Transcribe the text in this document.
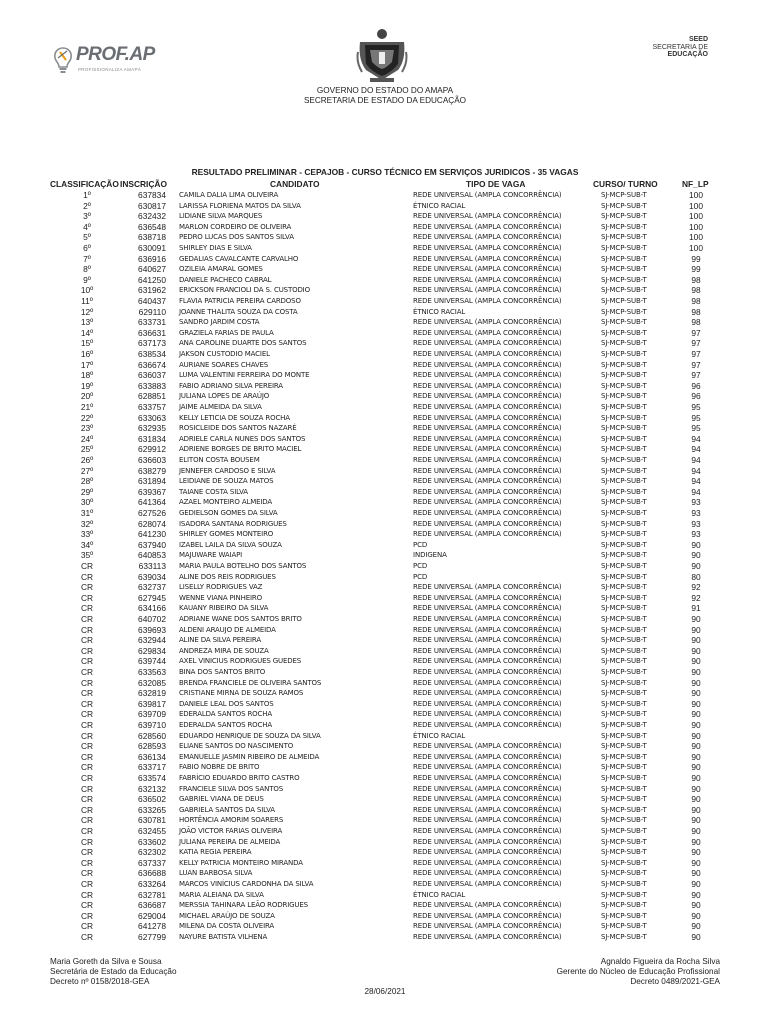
PROF.AP
PROFISSIONALIZA AMAPÁ
SEED
SECRETARIA DE
EDUCAÇÃO
GOVERNO DO ESTADO DO AMAPA
SECRETARIA DE ESTADO DA EDUCAÇÃO
RESULTADO PRELIMINAR - CEPAJOB - CURSO TÉCNICO EM SERVIÇOS JURIDICOS - 35 VAGAS
CLASSIFICAÇÃO INSCRIÇÃO	CANDIDATO	TIPO DE VAGA	CURSO/ TURNO	NF_LP
1º	637834 CAMILA DALIA LIMA OLIVEIRA	REDE UNIVERSAL (AMPLA CONCORRÊNCIA)	SJ-MCP-SUB-T	100
2º	630817 LARISSA FLORIENA MATOS DA SILVA	ÉTNICO RACIAL	SJ-MCP-SUB-T	100
3º	632432 LIDIANE SILVA MARQUES	REDE UNIVERSAL (AMPLA CONCORRÊNCIA)	SJ-MCP-SUB-T	100
4º	636548 MARLON CORDEIRO DE OLIVEIRA	REDE UNIVERSAL (AMPLA CONCORRÊNCIA)	SJ-MCP-SUB-T	100
5º	638718 PEDRO LUCAS DOS SANTOS SILVA	REDE UNIVERSAL (AMPLA CONCORRÊNCIA)	SJ-MCP-SUB-T	100
6º	630091 SHIRLEY DIAS E SILVA	REDE UNIVERSAL (AMPLA CONCORRÊNCIA)	SJ-MCP-SUB-T	100
7º	636916 GEDALIAS CAVALCANTE CARVALHO	REDE UNIVERSAL (AMPLA CONCORRÊNCIA)	SJ-MCP-SUB-T	99
8º	640627 OZILEIA AMARAL GOMES	REDE UNIVERSAL (AMPLA CONCORRÊNCIA)	SJ-MCP-SUB-T	99
9º	641250 DANIELE PACHECO CABRAL	REDE UNIVERSAL (AMPLA CONCORRÊNCIA)	SJ-MCP-SUB-T	98
10º	631962 ERICKSON FRANCIOLI DA S. CUSTODIO	REDE UNIVERSAL (AMPLA CONCORRÊNCIA)	SJ-MCP-SUB-T	98
11º	640437 FLAVIA PATRICIA PEREIRA CARDOSO	REDE UNIVERSAL (AMPLA CONCORRÊNCIA)	SJ-MCP-SUB-T	98
12º	629110 JOANNE THALITA SOUZA DA COSTA	ÉTNICO RACIAL	SJ-MCP-SUB-T	98
13º	633731 SANDRO JARDIM COSTA	REDE UNIVERSAL (AMPLA CONCORRÊNCIA)	SJ-MCP-SUB-T	98
14º	636631 GRAZIELA FARIAS DE PAULA	REDE UNIVERSAL (AMPLA CONCORRÊNCIA)	SJ-MCP-SUB-T	97
15º	637173 ANA CAROLINE DUARTE DOS SANTOS	REDE UNIVERSAL (AMPLA CONCORRÊNCIA)	SJ-MCP-SUB-T	97
16º	638534 JAKSON CUSTODIO MACIEL	REDE UNIVERSAL (AMPLA CONCORRÊNCIA)	SJ-MCP-SUB-T	97
17º	636674 AURIANE SOARES CHAVES	REDE UNIVERSAL (AMPLA CONCORRÊNCIA)	SJ-MCP-SUB-T	97
18º	636037 LUMA VALENTINI FERREIRA DO MONTE	REDE UNIVERSAL (AMPLA CONCORRÊNCIA)	SJ-MCP-SUB-T	97
19º	633883 FABIO ADRIANO SILVA PEREIRA	REDE UNIVERSAL (AMPLA CONCORRÊNCIA)	SJ-MCP-SUB-T	96
20º	628851 JULIANA LOPES DE ARAÚJO	REDE UNIVERSAL (AMPLA CONCORRÊNCIA)	SJ-MCP-SUB-T	96
21º	633757 JAIME ALMEIDA DA SILVA	REDE UNIVERSAL (AMPLA CONCORRÊNCIA)	SJ-MCP-SUB-T	95
22º	633063 KELLY LETICIA DE SOUZA ROCHA	REDE UNIVERSAL (AMPLA CONCORRÊNCIA)	SJ-MCP-SUB-T	95
23º	632935 ROSICLEIDE DOS SANTOS NAZARÉ	REDE UNIVERSAL (AMPLA CONCORRÊNCIA)	SJ-MCP-SUB-T	95
24º	631834 ADRIELE CARLA NUNES DOS SANTOS	REDE UNIVERSAL (AMPLA CONCORRÊNCIA)	SJ-MCP-SUB-T	94
25º	629912 ADRIENE BORGES DE BRITO MACIEL	REDE UNIVERSAL (AMPLA CONCORRÊNCIA)	SJ-MCP-SUB-T	94
26º	636603 ELITON COSTA BOUSEM	REDE UNIVERSAL (AMPLA CONCORRÊNCIA)	SJ-MCP-SUB-T	94
27º	638279 JENNEFER CARDOSO E SILVA	REDE UNIVERSAL (AMPLA CONCORRÊNCIA)	SJ-MCP-SUB-T	94
28º	631894 LEIDIANE DE SOUZA MATOS	REDE UNIVERSAL (AMPLA CONCORRÊNCIA)	SJ-MCP-SUB-T	94
29º	639367 TAIANE COSTA SILVA	REDE UNIVERSAL (AMPLA CONCORRÊNCIA)	SJ-MCP-SUB-T	94
30º	641364 AZAEL MONTEIRO ALMEIDA	REDE UNIVERSAL (AMPLA CONCORRÊNCIA)	SJ-MCP-SUB-T	93
31º	627526 GEDIELSON GOMES DA SILVA	REDE UNIVERSAL (AMPLA CONCORRÊNCIA)	SJ-MCP-SUB-T	93
32º	628074 ISADORA SANTANA RODRIGUES	REDE UNIVERSAL (AMPLA CONCORRÊNCIA)	SJ-MCP-SUB-T	93
33º	641230 SHIRLEY GOMES MONTEIRO	REDE UNIVERSAL (AMPLA CONCORRÊNCIA)	SJ-MCP-SUB-T	93
34º	637940 IZABEL LAILA DA SILVA SOUZA	PCD	SJ-MCP-SUB-T	90
35º	640853 MAJUWARE WAIAPI	INDIGENA	SJ-MCP-SUB-T	90
CR	633113 MARIA PAULA BOTELHO DOS SANTOS	PCD	SJ-MCP-SUB-T	90
CR	639034 ALINE DOS REIS RODRIGUES	PCD	SJ-MCP-SUB-T	80
CR	632737 LISELLY RODRIGUES VAZ	REDE UNIVERSAL (AMPLA CONCORRÊNCIA)	SJ-MCP-SUB-T	92
CR	627945 WENNE VIANA PINHEIRO	REDE UNIVERSAL (AMPLA CONCORRÊNCIA)	SJ-MCP-SUB-T	92
CR	634166 KAUANY RIBEIRO DA SILVA	REDE UNIVERSAL (AMPLA CONCORRÊNCIA)	SJ-MCP-SUB-T	91
CR	640702 ADRIANE WANE DOS SANTOS BRITO	REDE UNIVERSAL (AMPLA CONCORRÊNCIA)	SJ-MCP-SUB-T	90
CR	639693 ALDENI ARAUJO DE ALMEIDA	REDE UNIVERSAL (AMPLA CONCORRÊNCIA)	SJ-MCP-SUB-T	90
CR	632944 ALINE DA SILVA PEREIRA	REDE UNIVERSAL (AMPLA CONCORRÊNCIA)	SJ-MCP-SUB-T	90
CR	629834 ANDREZA MIRA DE SOUZA	REDE UNIVERSAL (AMPLA CONCORRÊNCIA)	SJ-MCP-SUB-T	90
CR	639744 AXEL VINICIUS RODRIGUES GUEDES	REDE UNIVERSAL (AMPLA CONCORRÊNCIA)	SJ-MCP-SUB-T	90
CR	633563 BINA DOS SANTOS BRITO	REDE UNIVERSAL (AMPLA CONCORRÊNCIA)	SJ-MCP-SUB-T	90
CR	632085 BRENDA FRANCIELE DE OLIVEIRA SANTOS	REDE UNIVERSAL (AMPLA CONCORRÊNCIA)	SJ-MCP-SUB-T	90
CR	632819 CRISTIANE MIRNA DE SOUZA RAMOS	REDE UNIVERSAL (AMPLA CONCORRÊNCIA)	SJ-MCP-SUB-T	90
CR	639817 DANIELE LEAL DOS SANTOS	REDE UNIVERSAL (AMPLA CONCORRÊNCIA)	SJ-MCP-SUB-T	90
CR	639709 EDERALDA SANTOS ROCHA	REDE UNIVERSAL (AMPLA CONCORRÊNCIA)	SJ-MCP-SUB-T	90
CR	639710 EDERALDA SANTOS ROCHA	REDE UNIVERSAL (AMPLA CONCORRÊNCIA)	SJ-MCP-SUB-T	90
CR	628560 EDUARDO HENRIQUE DE SOUZA DA SILVA	ÉTNICO RACIAL	SJ-MCP-SUB-T	90
CR	628593 ELIANE SANTOS DO NASCIMENTO	REDE UNIVERSAL (AMPLA CONCORRÊNCIA)	SJ-MCP-SUB-T	90
CR	636134 EMANUELLE JASMIN RIBEIRO DE ALMEIDA	REDE UNIVERSAL (AMPLA CONCORRÊNCIA)	SJ-MCP-SUB-T	90
CR	633717 FABIO NOBRE DE BRITO	REDE UNIVERSAL (AMPLA CONCORRÊNCIA)	SJ-MCP-SUB-T	90
CR	633574 FABRÍCIO EDUARDO BRITO CASTRO	REDE UNIVERSAL (AMPLA CONCORRÊNCIA)	SJ-MCP-SUB-T	90
CR	632132 FRANCIELE SILVA DOS SANTOS	REDE UNIVERSAL (AMPLA CONCORRÊNCIA)	SJ-MCP-SUB-T	90
CR	636502 GABRIEL VIANA DE DEUS	REDE UNIVERSAL (AMPLA CONCORRÊNCIA)	SJ-MCP-SUB-T	90
CR	633265 GABRIELA SANTOS DA SILVA	REDE UNIVERSAL (AMPLA CONCORRÊNCIA)	SJ-MCP-SUB-T	90
CR	630781 HORTÊNCIA AMORIM SOARERS	REDE UNIVERSAL (AMPLA CONCORRÊNCIA)	SJ-MCP-SUB-T	90
CR	632455 JOÃO VICTOR FARIAS OLIVEIRA	REDE UNIVERSAL (AMPLA CONCORRÊNCIA)	SJ-MCP-SUB-T	90
CR	633602 JULIANA PEREIRA DE ALMEIDA	REDE UNIVERSAL (AMPLA CONCORRÊNCIA)	SJ-MCP-SUB-T	90
CR	632302 KATIA REGIA PEREIRA	REDE UNIVERSAL (AMPLA CONCORRÊNCIA)	SJ-MCP-SUB-T	90
CR	637337 KELLY PATRICIA MONTEIRO MIRANDA	REDE UNIVERSAL (AMPLA CONCORRÊNCIA)	SJ-MCP-SUB-T	90
CR	636688 LUAN BARBOSA SILVA	REDE UNIVERSAL (AMPLA CONCORRÊNCIA)	SJ-MCP-SUB-T	90
CR	633264 MARCOS VINÍCIUS CARDONHA DA SILVA	REDE UNIVERSAL (AMPLA CONCORRÊNCIA)	SJ-MCP-SUB-T	90
CR	632781 MARIA ALEIANA DA SILVA	ÉTNICO RACIAL	SJ-MCP-SUB-T	90
CR	636687 MERSSIA TAHINARA LEÃO RODRIGUES	REDE UNIVERSAL (AMPLA CONCORRÊNCIA)	SJ-MCP-SUB-T	90
CR	629004 MICHAEL ARAÚJO DE SOUZA	REDE UNIVERSAL (AMPLA CONCORRÊNCIA)	SJ-MCP-SUB-T	90
CR	641278 MILENA DA COSTA OLIVEIRA	REDE UNIVERSAL (AMPLA CONCORRÊNCIA)	SJ-MCP-SUB-T	90
CR	627799 NAYURE BATISTA VILHENA	REDE UNIVERSAL (AMPLA CONCORRÊNCIA)	SJ-MCP-SUB-T	90
Maria Goreth da Silva e Sousa
Secretária de Estado da Educação
Decreto nº 0158/2018-GEA
Agnaldo Figueira da Rocha Silva
Gerente do Núcleo de Educação Profissional
Decreto 0489/2021-GEA
28/06/2021
